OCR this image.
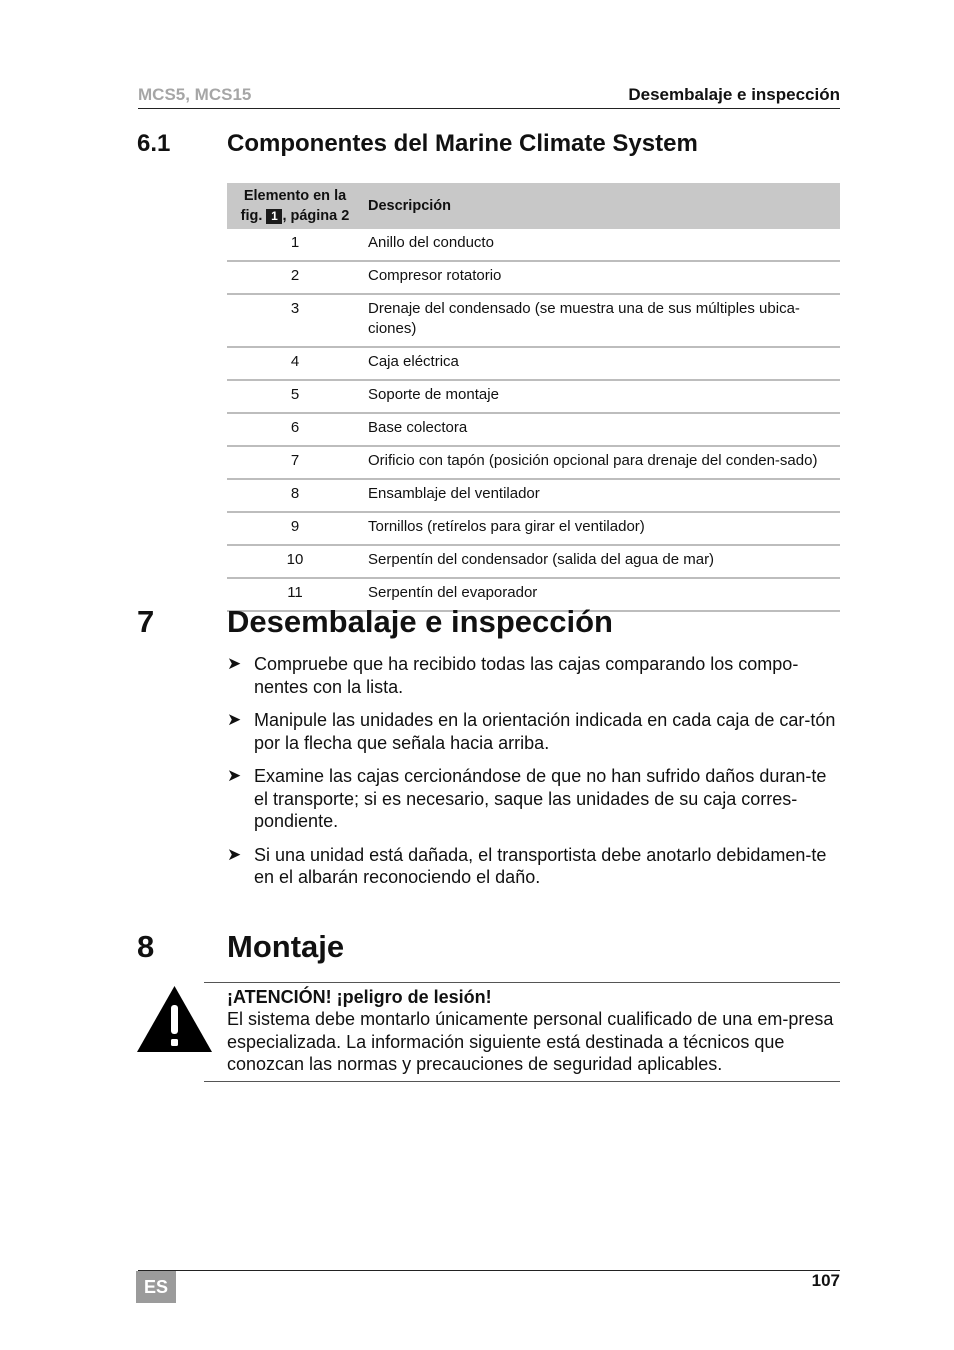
MCS5, MCS15	Desembalaje e inspección
6.1 Componentes del Marine Climate System
Elemento en la
fig. 1 , página 2	Descripción
1	Anillo del conducto
2	Compresor rotatorio
3	Drenaje del condensado (se muestra una de sus múltiples ubica-ciones)
4	Caja eléctrica
5	Soporte de montaje
6	Base colectora
7	Orificio con tapón (posición opcional para drenaje del conden-sado)
8	Ensamblaje del ventilador
9	Tornillos (retírelos para girar el ventilador)
10	Serpentín del condensador (salida del agua de mar)
11	Serpentín del evaporador
7 Desembalaje e inspección
➤ Compruebe que ha recibido todas las cajas comparando los compo-nentes con la lista.
➤ Manipule las unidades en la orientación indicada en cada caja de car-tón por la flecha que señala hacia arriba.
➤ Examine las cajas cercionándose de que no han sufrido daños duran-te el transporte; si es necesario, saque las unidades de su caja corres-pondiente.
➤ Si una unidad está dañada, el transportista debe anotarlo debidamen-te en el albarán reconociendo el daño.
8 Montaje
¡ATENCIÓN! ¡peligro de lesión!
El sistema debe montarlo únicamente personal cualificado de una em-presa especializada. La información siguiente está destinada a técnicos que conozcan las normas y precauciones de seguridad aplicables.
ES	107
